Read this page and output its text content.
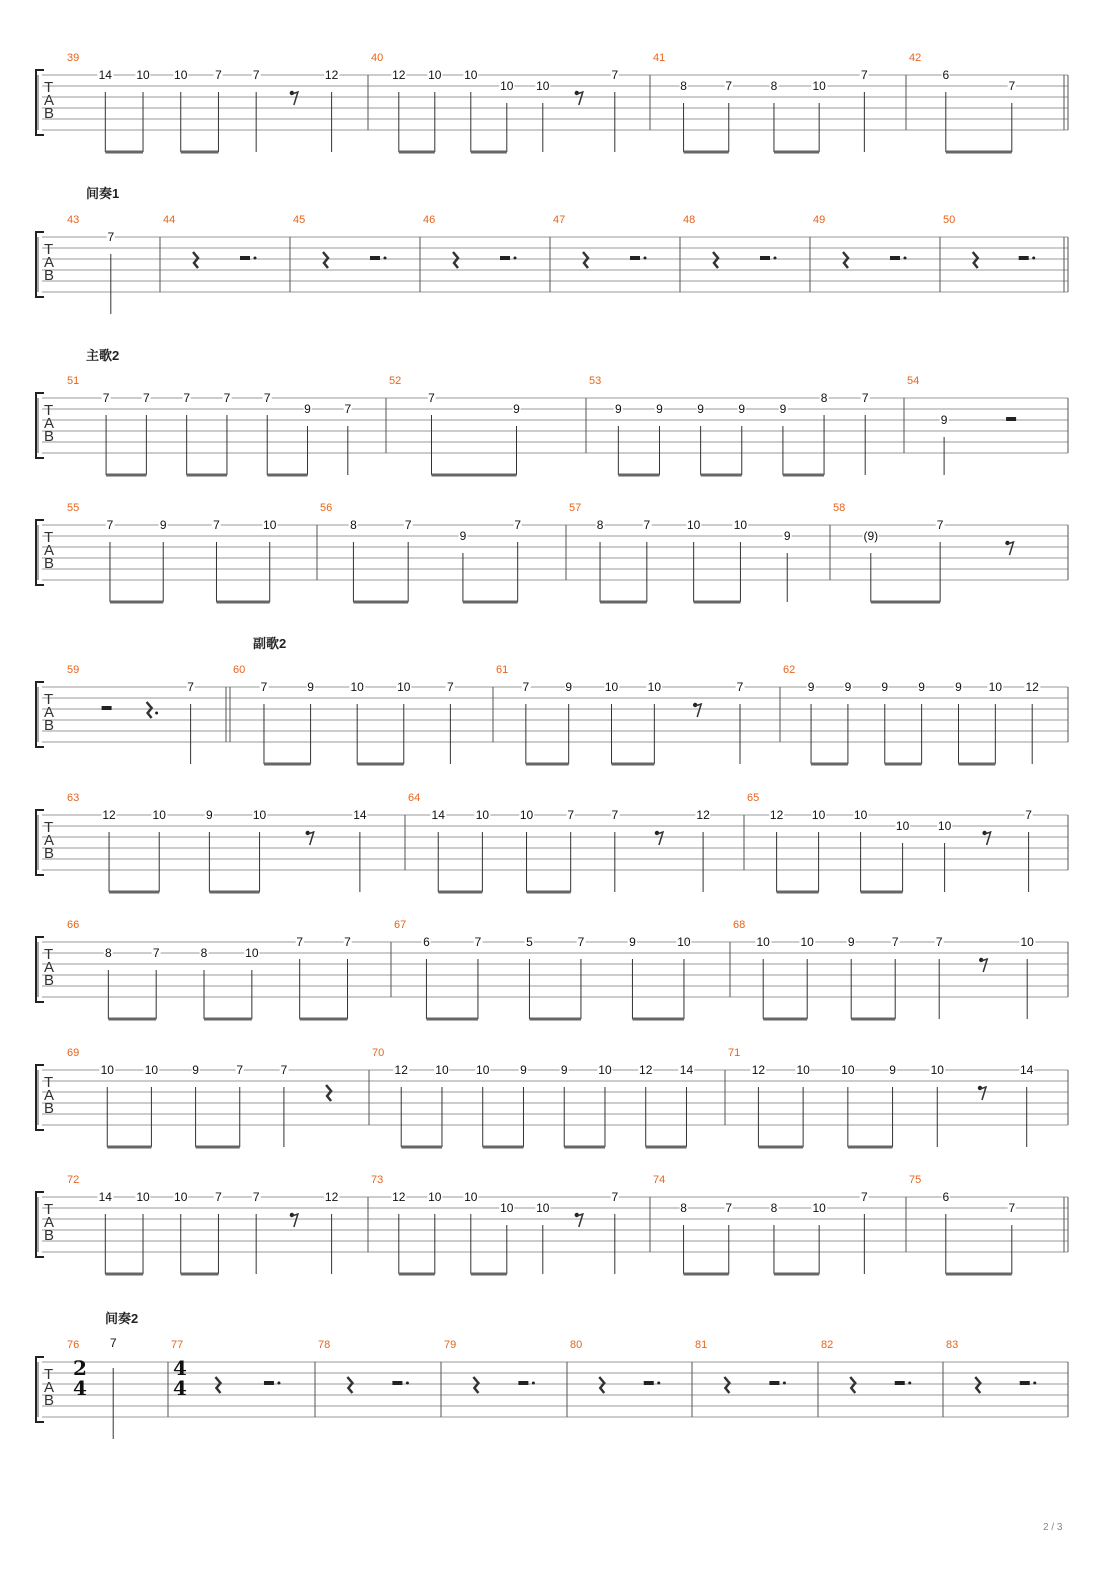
T
A
B
39
14 10 10 7	7	12
40
12 10 10
10 10
7
41
8	7	8	10
7
42
6
7
间奏1
T
A
B
43
7
44	45	46	47	48	49	50
主歌2
T
A
B
51
7	7	7	7	7
9	7
52
7
9
53
9	9	9	9	9
8	7
54
9
T
A
B
55
7	9	7	10
56
8	7
9
7
57
8	7	10	10
9
58
(9)
7
副歌2
T
A
B
59
7
60
7	9	10	10	7
61
7	9	10 10	7
62
9	9	9	9	9 10 12
T
A
B
63
12	10	9	10	14
64
14	10	10	7	7	12
65
12 10 10
10 10
7
T
A
B
66
8	7	8	10
7	7
67
6	7	5	7	9	10
68
10	10	9	7	7	10
T
A
B
69
10	10	9	7	7
70
12 10 10	9	9	10 12 14
71
12	10	10	9	10	14
T
A
B
72
14 10 10 7	7	12
73
12 10 10
10 10
7
74
8	7	8	10
7
75
6
7
间奏2
T
A
B
76
2
4
7	77
4
4
78	79	80	81	82	83
2 / 3
